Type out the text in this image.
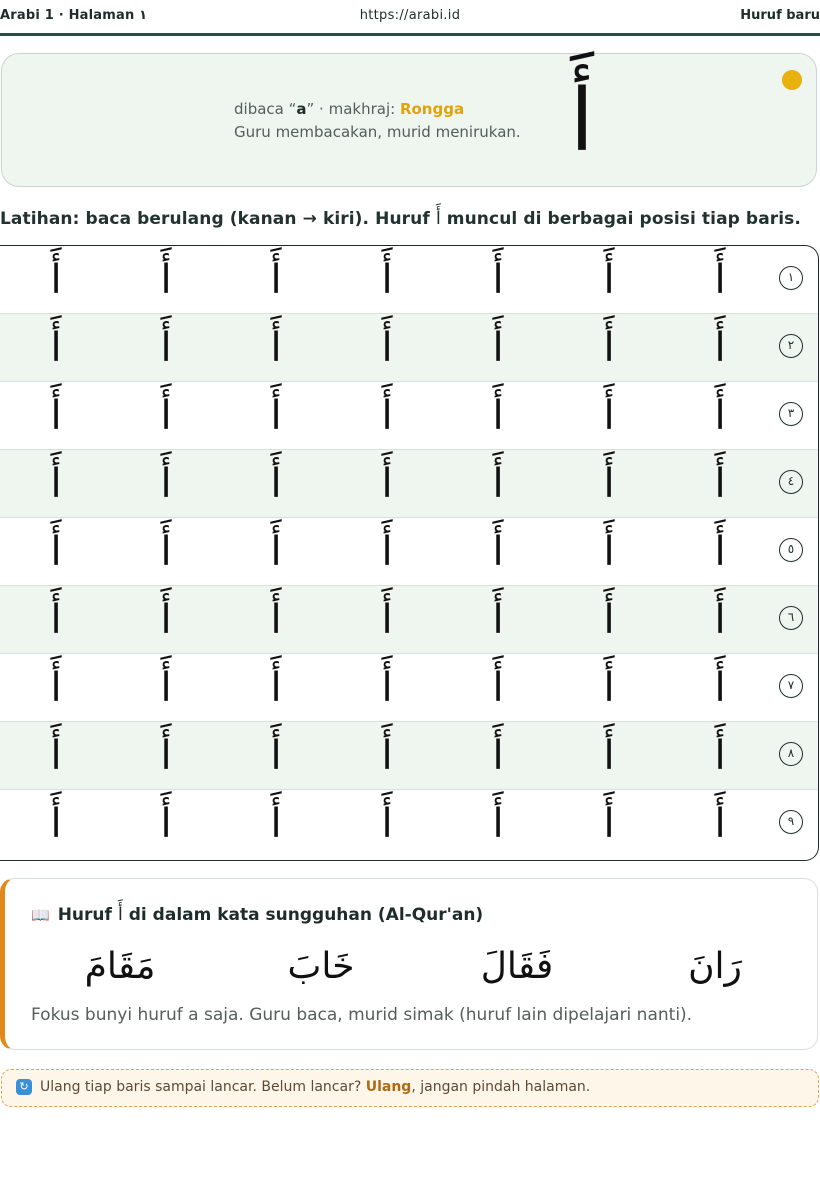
Arabi 1 · Halaman ١	https://arabi.id	Huruf baru
dibaca “a” · makhraj: Rongga
Guru membacakan, murid menirukan. أَ
Latihan: baca berulang (kanan → kiri). Huruf أَ muncul di berbagai posisi tiap baris.
أَ	أَ	أَ	أَ	أَ	أَ	أَ	١
أَ	أَ	أَ	أَ	أَ	أَ	أَ	٢
أَ	أَ	أَ	أَ	أَ	أَ	أَ	٣
أَ	أَ	أَ	أَ	أَ	أَ	أَ	٤
أَ	أَ	أَ	أَ	أَ	أَ	أَ	٥
أَ	أَ	أَ	أَ	أَ	أَ	أَ	٦
أَ	أَ	أَ	أَ	أَ	أَ	أَ	٧
أَ	أَ	أَ	أَ	أَ	أَ	أَ	٨
أَ	أَ	أَ	أَ	أَ	أَ	أَ	٩
📖 Huruf أَ di dalam kata sungguhan (Al-Qur'an)
Fokus bunyi huruf a saja. Guru baca, murid simak (huruf lain dipelajari nanti).
رَانَ
فَقَالَ
خَابَ
مَقَامَ
↻ Ulang tiap baris sampai lancar. Belum lancar? Ulang, jangan pindah halaman.
